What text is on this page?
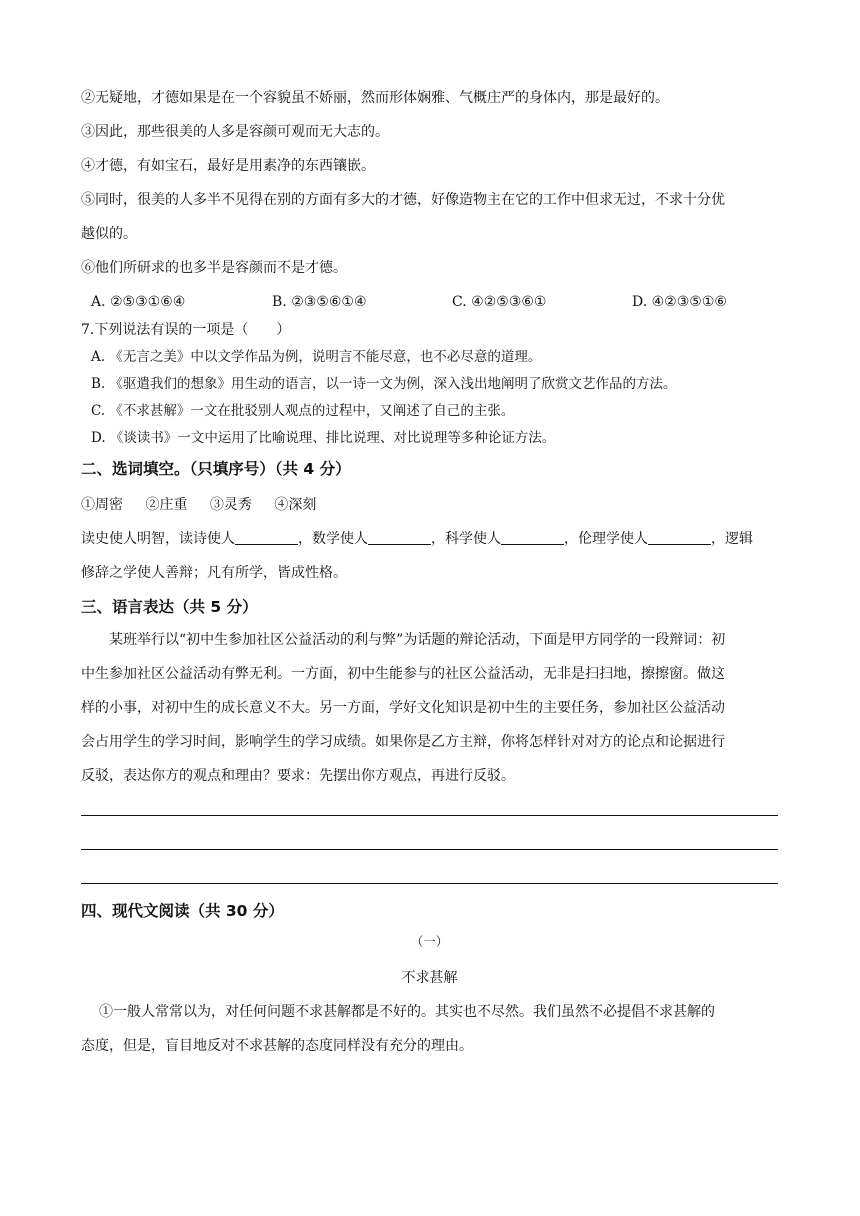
②无疑地，才德如果是在一个容貌虽不娇丽，然而形体娴雅、气概庄严的身体内，那是最好的。

③因此，那些很美的人多是容颜可观而无大志的。

④才德，有如宝石，最好是用素净的东西镶嵌。

⑤同时，很美的人多半不见得在别的方面有多大的才德，好像造物主在它的工作中但求无过，不求十分优

越似的。

⑥他们所研求的也多半是容颜而不是才德。

A. ②⑤③①⑥④	B. ②③⑤⑥①④	C. ④②⑤③⑥①	D. ④②③⑤①⑥
7.下列说法有误的一项是（　　）
A. 《无言之美》中以文学作品为例，说明言不能尽意，也不必尽意的道理。
B. 《驱遣我们的想象》用生动的语言，以一诗一文为例，深入浅出地阐明了欣赏文艺作品的方法。
C. 《不求甚解》一文在批驳别人观点的过程中，又阐述了自己的主张。
D. 《谈读书》一文中运用了比喻说理、排比说理、对比说理等多种论证方法。
二、选词填空。（只填序号）（共 4 分）
①周密 ②庄重 ③灵秀 ④深刻

读史使人明智，读诗使人	，数学使人	，科学使人	，伦理学使人	，逻辑

修辞之学使人善辩；凡有所学，皆成性格。

三、语言表达（共 5 分）

某班举行以“初中生参加社区公益活动的利与弊”为话题的辩论活动，下面是甲方同学的一段辩词：初

中生参加社区公益活动有弊无利。一方面，初中生能参与的社区公益活动，无非是扫扫地，擦擦窗。做这

样的小事，对初中生的成长意义不大。另一方面，学好文化知识是初中生的主要任务，参加社区公益活动

会占用学生的学习时间，影响学生的学习成绩。如果你是乙方主辩，你将怎样针对对方的论点和论据进行

反驳，表达你方的观点和理由？要求：先摆出你方观点，再进行反驳。

四、现代文阅读（共 30 分）
（一）

不求甚解

①一般人常常以为，对任何问题不求甚解都是不好的。其实也不尽然。我们虽然不必提倡不求甚解的

态度，但是，盲目地反对不求甚解的态度同样没有充分的理由。
